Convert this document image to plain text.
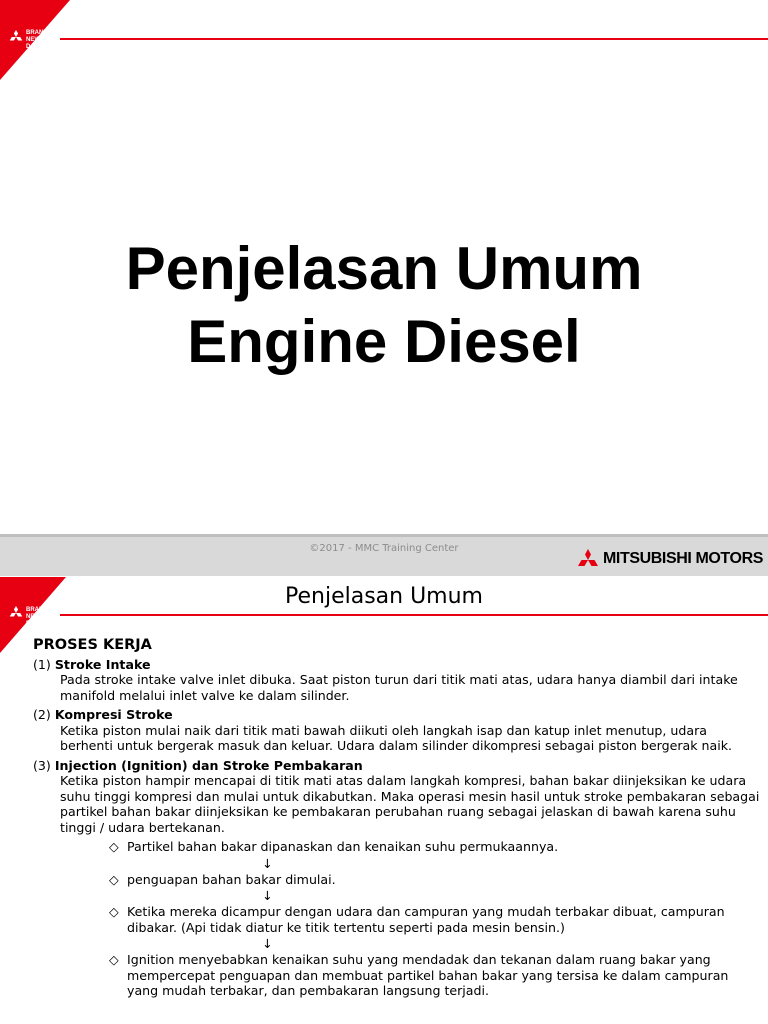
BRAND
NEW
DAY
Penjelasan Umum
Engine Diesel
©2017 - MMC Training Center
MITSUBISHI MOTORS
BRAND
NEW
DAY
Penjelasan Umum
PROSES KERJA
(1) Stroke Intake
Pada stroke intake valve inlet dibuka. Saat piston turun dari titik mati atas, udara hanya diambil dari intake manifold melalui inlet valve ke dalam silinder.
(2) Kompresi Stroke
Ketika piston mulai naik dari titik mati bawah diikuti oleh langkah isap dan katup inlet menutup, udara berhenti untuk bergerak masuk dan keluar. Udara dalam silinder dikompresi sebagai piston bergerak naik.
(3) Injection (Ignition) dan Stroke Pembakaran
Ketika piston hampir mencapai di titik mati atas dalam langkah kompresi, bahan bakar diinjeksikan ke udara suhu tinggi kompresi dan mulai untuk dikabutkan. Maka operasi mesin hasil untuk stroke pembakaran sebagai partikel bahan bakar diinjeksikan ke pembakaran perubahan ruang sebagai jelaskan di bawah karena suhu tinggi / udara bertekanan.
◇ Partikel bahan bakar dipanaskan dan kenaikan suhu permukaannya.
↓
◇ penguapan bahan bakar dimulai.
↓
◇ Ketika mereka dicampur dengan udara dan campuran yang mudah terbakar dibuat, campuran dibakar. (Api tidak diatur ke titik tertentu seperti pada mesin bensin.)
↓
◇ Ignition menyebabkan kenaikan suhu yang mendadak dan tekanan dalam ruang bakar yang mempercepat penguapan dan membuat partikel bahan bakar yang tersisa ke dalam campuran yang mudah terbakar, dan pembakaran langsung terjadi.
